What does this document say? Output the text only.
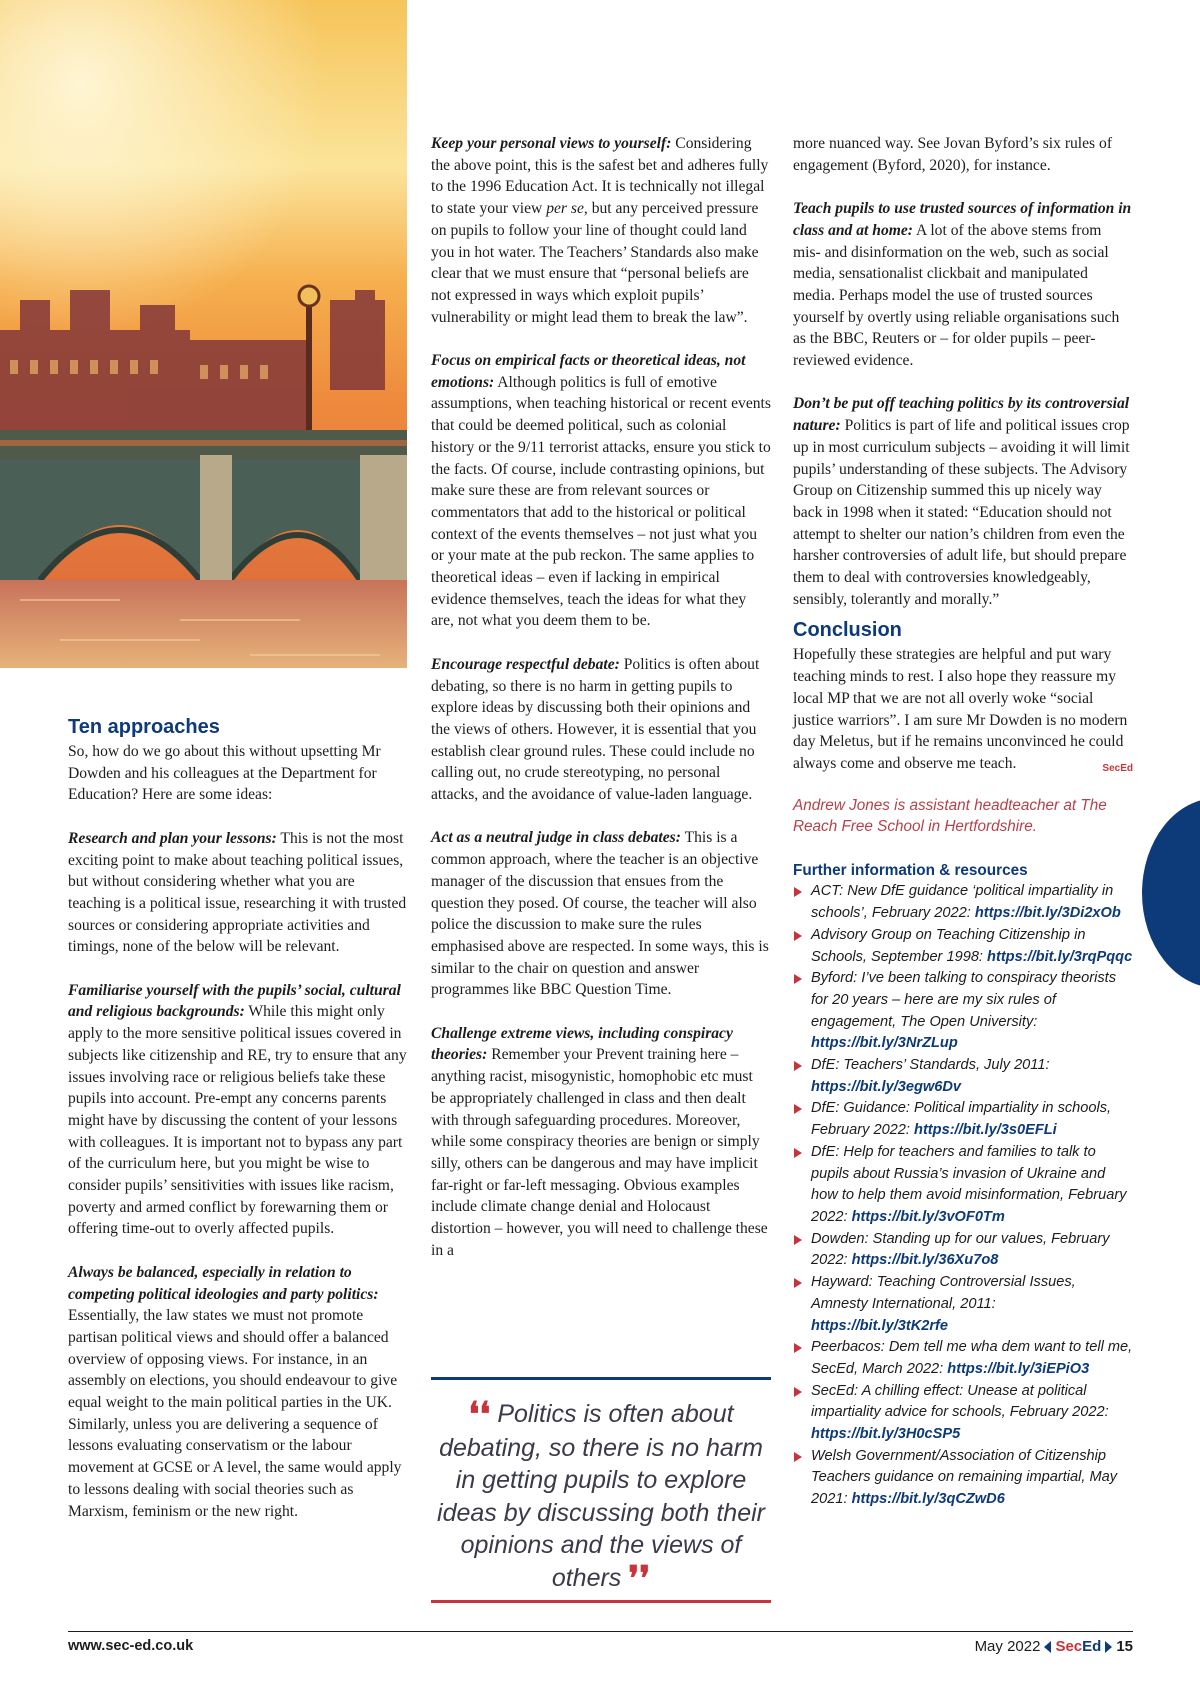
Ten approaches

So, how do we go about this without upsetting Mr Dowden and his colleagues at the Department for Education? Here are some ideas:

Research and plan your lessons: This is not the most exciting point to make about teaching political issues, but without considering whether what you are teaching is a political issue, researching it with trusted sources or considering appropriate activities and timings, none of the below will be relevant.

Familiarise yourself with the pupils’ social, cultural and religious backgrounds: While this might only apply to the more sensitive political issues covered in subjects like citizenship and RE, try to ensure that any issues involving race or religious beliefs take these pupils into account. Pre-empt any concerns parents might have by discussing the content of your lessons with colleagues. It is important not to bypass any part of the curriculum here, but you might be wise to consider pupils’ sensitivities with issues like racism, poverty and armed conflict by forewarning them or offering time-out to overly affected pupils.

Always be balanced, especially in relation to competing political ideologies and party politics: Essentially, the law states we must not promote partisan political views and should offer a balanced overview of opposing views. For instance, in an assembly on elections, you should endeavour to give equal weight to the main political parties in the UK. Similarly, unless you are delivering a sequence of lessons evaluating conservatism or the labour movement at GCSE or A level, the same would apply to lessons dealing with social theories such as Marxism, feminism or the new right.

Keep your personal views to yourself: Considering the above point, this is the safest bet and adheres fully to the 1996 Education Act. It is technically not illegal to state your view per se, but any perceived pressure on pupils to follow your line of thought could land you in hot water. The Teachers’ Standards also make clear that we must ensure that “personal beliefs are not expressed in ways which exploit pupils’ vulnerability or might lead them to break the law”.

Focus on empirical facts or theoretical ideas, not emotions: Although politics is full of emotive assumptions, when teaching historical or recent events that could be deemed political, such as colonial history or the 9/11 terrorist attacks, ensure you stick to the facts. Of course, include contrasting opinions, but make sure these are from relevant sources or commentators that add to the historical or political context of the events themselves – not just what you or your mate at the pub reckon. The same applies to theoretical ideas – even if lacking in empirical evidence themselves, teach the ideas for what they are, not what you deem them to be.

Encourage respectful debate: Politics is often about debating, so there is no harm in getting pupils to explore ideas by discussing both their opinions and the views of others. However, it is essential that you establish clear ground rules. These could include no calling out, no crude stereotyping, no personal attacks, and the avoidance of value-laden language.

Act as a neutral judge in class debates: This is a common approach, where the teacher is an objective manager of the discussion that ensues from the question they posed. Of course, the teacher will also police the discussion to make sure the rules emphasised above are respected. In some ways, this is similar to the chair on question and answer programmes like BBC Question Time.

Challenge extreme views, including conspiracy theories: Remember your Prevent training here – anything racist, misogynistic, homophobic etc must be appropriately challenged in class and then dealt with through safeguarding procedures. Moreover, while some conspiracy theories are benign or simply silly, others can be dangerous and may have implicit far-right or far-left messaging. Obvious examples include climate change denial and Holocaust distortion – however, you will need to challenge these in a

❛❛ Politics is often about debating, so there is no harm in getting pupils to explore ideas by discussing both their opinions and the views of others ❜❜

more nuanced way. See Jovan Byford’s six rules of engagement (Byford, 2020), for instance.

Teach pupils to use trusted sources of information in class and at home: A lot of the above stems from mis- and disinformation on the web, such as social media, sensationalist clickbait and manipulated media. Perhaps model the use of trusted sources yourself by overtly using reliable organisations such as the BBC, Reuters or – for older pupils – peer-reviewed evidence.

Don’t be put off teaching politics by its controversial nature: Politics is part of life and political issues crop up in most curriculum subjects – avoiding it will limit pupils’ understanding of these subjects. The Advisory Group on Citizenship summed this up nicely way back in 1998 when it stated: “Education should not attempt to shelter our nation’s children from even the harsher controversies of adult life, but should prepare them to deal with controversies knowledgeably, sensibly, tolerantly and morally.”

Conclusion

Hopefully these strategies are helpful and put wary teaching minds to rest. I also hope they reassure my local MP that we are not all overly woke “social justice warriors”. I am sure Mr Dowden is no modern day Meletus, but if he remains unconvinced he could always come and observe me teach.	SecEd

Andrew Jones is assistant headteacher at The Reach Free School in Hertfordshire.
Further information & resources
ACT: New DfE guidance ‘political impartiality in schools’, February 2022: https://bit.ly/3Di2xOb
Advisory Group on Teaching Citizenship in Schools, September 1998: https://bit.ly/3rqPqqc
Byford: I’ve been talking to conspiracy theorists for 20 years – here are my six rules of engagement, The Open University: https://bit.ly/3NrZLup
DfE: Teachers’ Standards, July 2011: https://bit.ly/3egw6Dv
DfE: Guidance: Political impartiality in schools, February 2022: https://bit.ly/3s0EFLi
DfE: Help for teachers and families to talk to pupils about Russia’s invasion of Ukraine and how to help them avoid misinformation, February 2022: https://bit.ly/3vOF0Tm
Dowden: Standing up for our values, February 2022: https://bit.ly/36Xu7o8
Hayward: Teaching Controversial Issues, Amnesty International, 2011: https://bit.ly/3tK2rfe
Peerbacos: Dem tell me wha dem want to tell me, SecEd, March 2022: https://bit.ly/3iEPiO3
SecEd: A chilling effect: Unease at political impartiality advice for schools, February 2022: https://bit.ly/3H0cSP5
Welsh Government/Association of Citizenship Teachers guidance on remaining impartial, May 2021: https://bit.ly/3qCZwD6
www.sec-ed.co.uk	May 2022 SecEd 15
